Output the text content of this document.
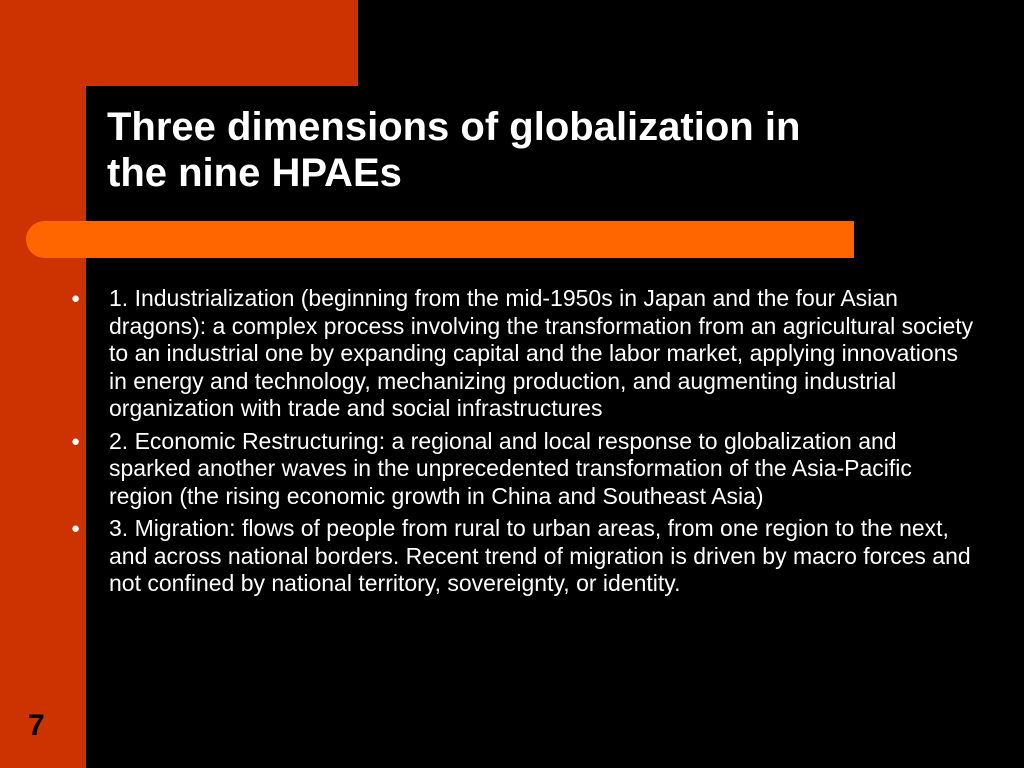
Three dimensions of globalization in
the nine HPAEs
● 1. Industrialization (beginning from the mid-1950s in Japan and the four Asian dragons): a complex process involving the transformation from an agricultural society to an industrial one by expanding capital and the labor market, applying innovations in energy and technology, mechanizing production, and augmenting industrial organization with trade and social infrastructures
● 2. Economic Restructuring: a regional and local response to globalization and sparked another waves in the unprecedented transformation of the Asia-Pacific region (the rising economic growth in China and Southeast Asia)
● 3. Migration: flows of people from rural to urban areas, from one region to the next, and across national borders. Recent trend of migration is driven by macro forces and not confined by national territory, sovereignty, or identity.
7
